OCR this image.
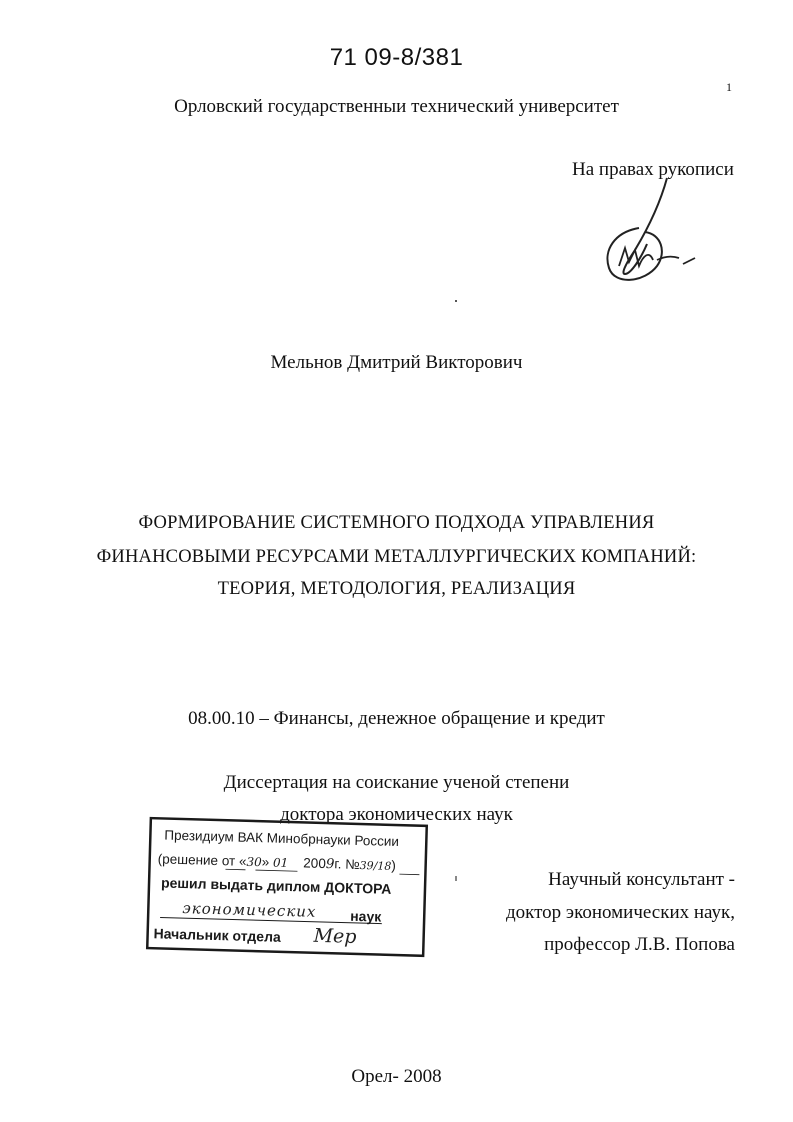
71 09-8/381
1
Орловский государственныи технический университет
На правах рукописи
Мельнов Дмитрий Викторович
ФОРМИРОВАНИЕ СИСТЕМНОГО ПОДХОДА УПРАВЛЕНИЯ
ФИНАНСОВЫМИ РЕСУРСАМИ МЕТАЛЛУРГИЧЕСКИХ КОМПАНИЙ:
ТЕОРИЯ, МЕТОДОЛОГИЯ, РЕАЛИЗАЦИЯ
08.00.10 – Финансы, денежное обращение и кредит
Диссертация на соискание ученой степени
доктора экономических наук
Научный консультант -
доктор экономических наук,
профессор Л.В. Попова
Президиум ВАК Минобрнауки России
(решение от «30» 01 2009г. №39/18)
решил выдать диплом ДОКТОРА
экономических наук
Начальник отдела Мер
Орел- 2008
